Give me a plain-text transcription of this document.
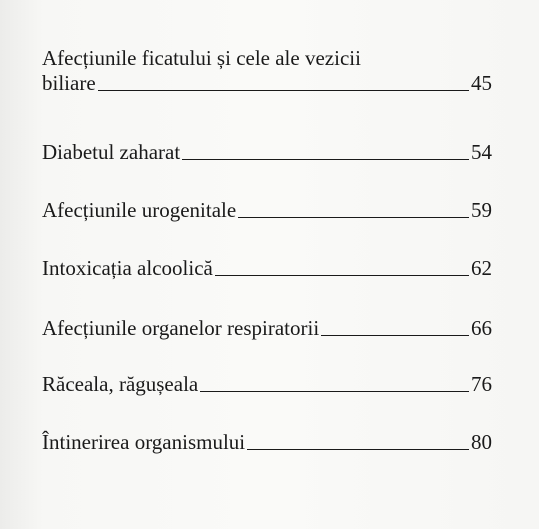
Afecțiunile ficatului și cele ale vezicii
biliare	45
Diabetul zaharat	54
Afecțiunile urogenitale	59
Intoxicația alcoolică	62
Afecțiunile organelor respiratorii	66
Răceala, răgușeala	76
Întinerirea organismului	80
